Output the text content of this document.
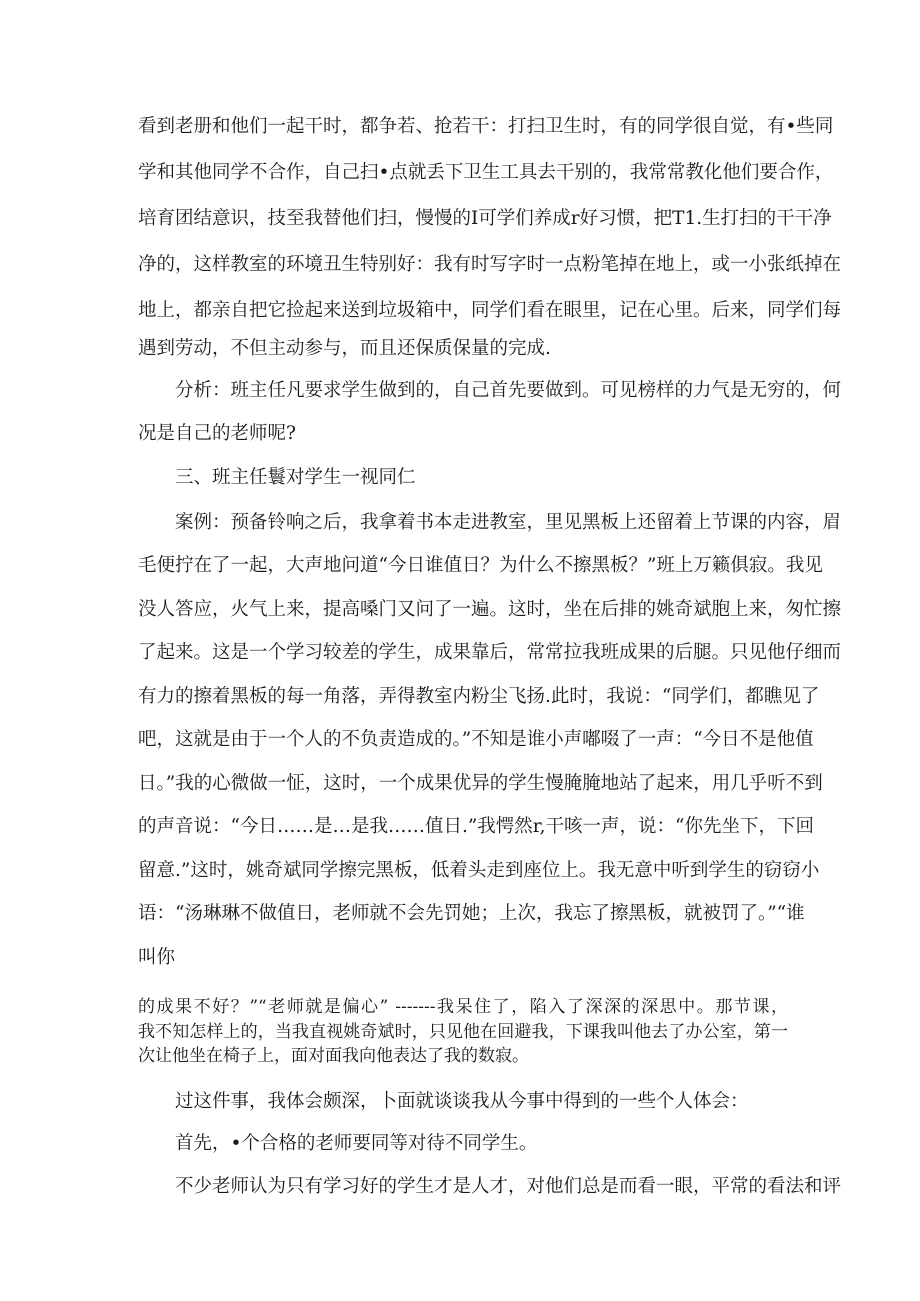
看到老册和他们一起干时，都争若、抢若干：打扫卫生时，有的同学很自觉，有•些同
学和其他同学不合作，自己扫•点就丢下卫生工具去干别的，我常常教化他们要合作，
培育团结意识，技至我替他们扫，慢慢的I可学们养成r好习惯，把T1.生打扫的干干净
净的，这样教室的环境丑生特别好：我有时写字时一点粉笔掉在地上，或一小张纸掉在
地上，都亲自把它捡起来送到垃圾箱中，同学们看在眼里，记在心里。后来，同学们每
遇到劳动，不但主动参与，而且还保质保量的完成.
分析：班主任凡要求学生做到的，自己首先要做到。可见榜样的力气是无穷的，何
况是自己的老师呢?
三、班主任鬟对学生一视同仁
案例：预备铃响之后，我拿着书本走进教室，里见黑板上还留着上节课的内容，眉
毛便拧在了一起，大声地问道“今日谁值日？为什么不擦黑板？”班上万籁俱寂。我见
没人答应，火气上来，提高嗓门又问了一遍。这时，坐在后排的姚奇斌胞上来，匆忙擦
了起来。这是一个学习较差的学生，成果靠后，常常拉我班成果的后腿。只见他仔细而
有力的擦着黑板的每一角落，弄得教室内粉尘飞扬.此时，我说：“同学们，都瞧见了
吧，这就是由于一个人的不负责造成的。”不知是谁小声嘟啜了一声：“今日不是他值
日。”我的心微做一怔，这时，一个成果优异的学生慢腌腌地站了起来，用几乎听不到
的声音说：“今日……是…是我……值日.”我愕然r,干咳一声，说：“你先坐下，下回
留意.”这时，姚奇斌同学擦完黑板，低着头走到座位上。我无意中听到学生的窃窃小
语：“汤琳琳不做值日，老师就不会先罚她；上次，我忘了擦黑板，就被罚了。”“谁
叫你
的成果不好？”“老师就是偏心” -------我呆住了，陷入了深深的深思中。那节课，
我不知怎样上的，当我直视姚奇斌时，只见他在回避我，下课我叫他去了办公室，第一
次让他坐在椅子上，面对面我向他表达了我的数寂。
过这件事，我体会颇深，卜面就谈谈我从今事中得到的一些个人体会：
首先，•个合格的老师要同等对待不同学生。
不少老师认为只有学习好的学生才是人才，对他们总是而看一眼，平常的看法和评
